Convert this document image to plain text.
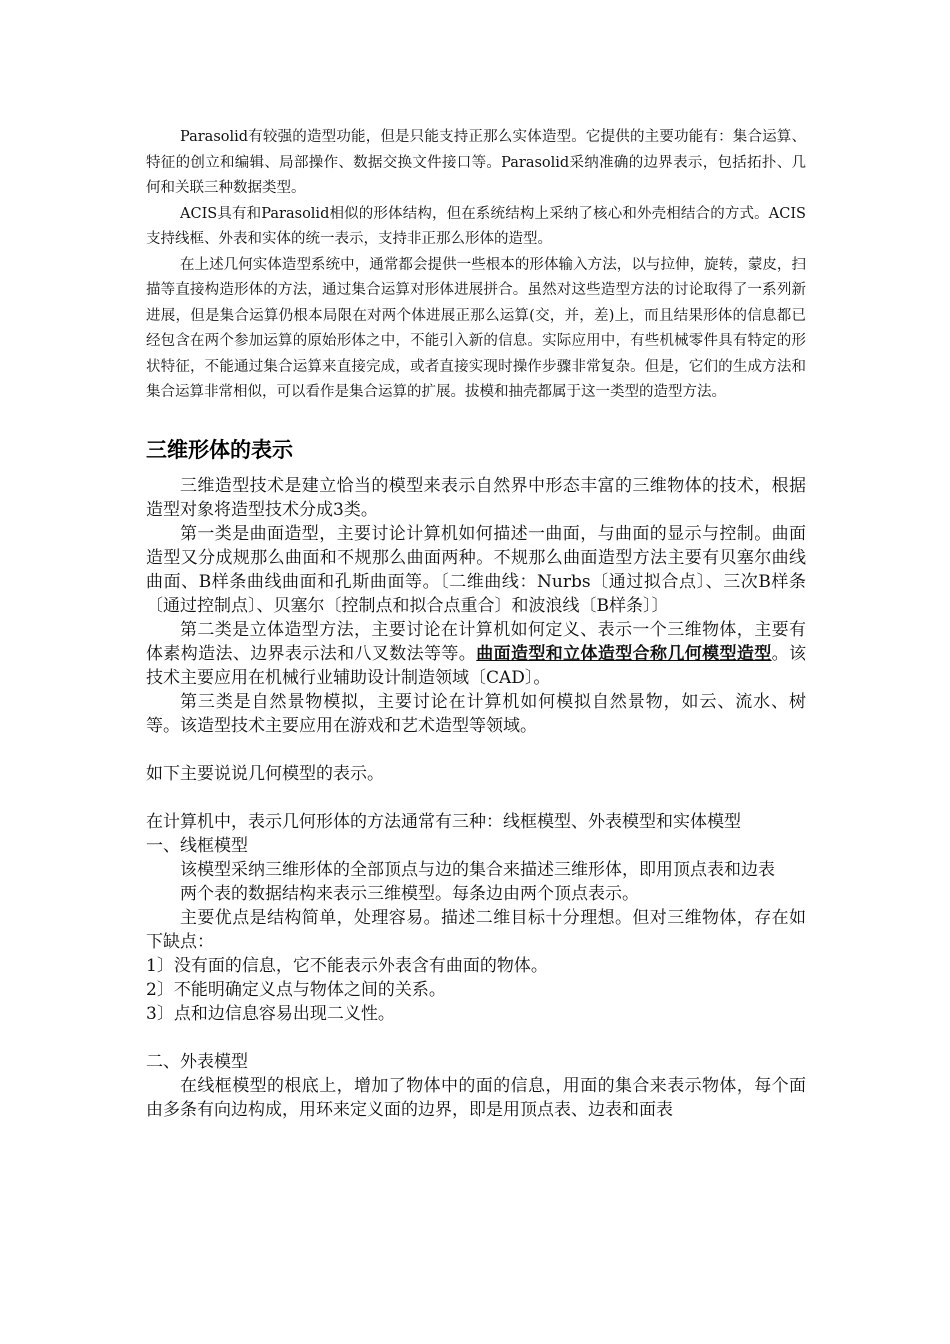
Parasolid有较强的造型功能，但是只能支持正那么实体造型。它提供的主要功能有：集合运算、特征的创立和编辑、局部操作、数据交换文件接口等。Parasolid采纳准确的边界表示，包括拓扑、几何和关联三种数据类型。

ACIS具有和Parasolid相似的形体结构，但在系统结构上采纳了核心和外壳相结合的方式。ACIS支持线框、外表和实体的统一表示，支持非正那么形体的造型。

在上述几何实体造型系统中，通常都会提供一些根本的形体输入方法，以与拉伸，旋转，蒙皮，扫描等直接构造形体的方法，通过集合运算对形体进展拼合。虽然对这些造型方法的讨论取得了一系列新进展，但是集合运算仍根本局限在对两个体进展正那么运算(交，并，差)上，而且结果形体的信息都已经包含在两个参加运算的原始形体之中，不能引入新的信息。实际应用中，有些机械零件具有特定的形状特征，不能通过集合运算来直接完成，或者直接实现时操作步骤非常复杂。但是，它们的生成方法和集合运算非常相似，可以看作是集合运算的扩展。拔模和抽壳都属于这一类型的造型方法。

三维形体的表示

三维造型技术是建立恰当的模型来表示自然界中形态丰富的三维物体的技术，根据造型对象将造型技术分成3类。

第一类是曲面造型，主要讨论计算机如何描述一曲面，与曲面的显示与控制。曲面造型又分成规那么曲面和不规那么曲面两种。不规那么曲面造型方法主要有贝塞尔曲线曲面、B样条曲线曲面和孔斯曲面等。〔二维曲线：Nurbs〔通过拟合点〕、三次B样条〔通过控制点〕、贝塞尔〔控制点和拟合点重合〕和波浪线〔B样条〕〕

第二类是立体造型方法，主要讨论在计算机如何定义、表示一个三维物体，主要有体素构造法、边界表示法和八叉数法等等。曲面造型和立体造型合称几何模型造型。该技术主要应用在机械行业辅助设计制造领域〔CAD〕。

第三类是自然景物模拟，主要讨论在计算机如何模拟自然景物，如云、流水、树等。该造型技术主要应用在游戏和艺术造型等领域。

如下主要说说几何模型的表示。

在计算机中，表示几何形体的方法通常有三种：线框模型、外表模型和实体模型

一、线框模型

该模型采纳三维形体的全部顶点与边的集合来描述三维形体，即用顶点表和边表

两个表的数据结构来表示三维模型。每条边由两个顶点表示。

主要优点是结构简单，处理容易。描述二维目标十分理想。但对三维物体，存在如下缺点：

1〕没有面的信息，它不能表示外表含有曲面的物体。

2〕不能明确定义点与物体之间的关系。

3〕点和边信息容易出现二义性。

二、外表模型

在线框模型的根底上，增加了物体中的面的信息，用面的集合来表示物体，每个面由多条有向边构成，用环来定义面的边界，即是用顶点表、边表和面表
